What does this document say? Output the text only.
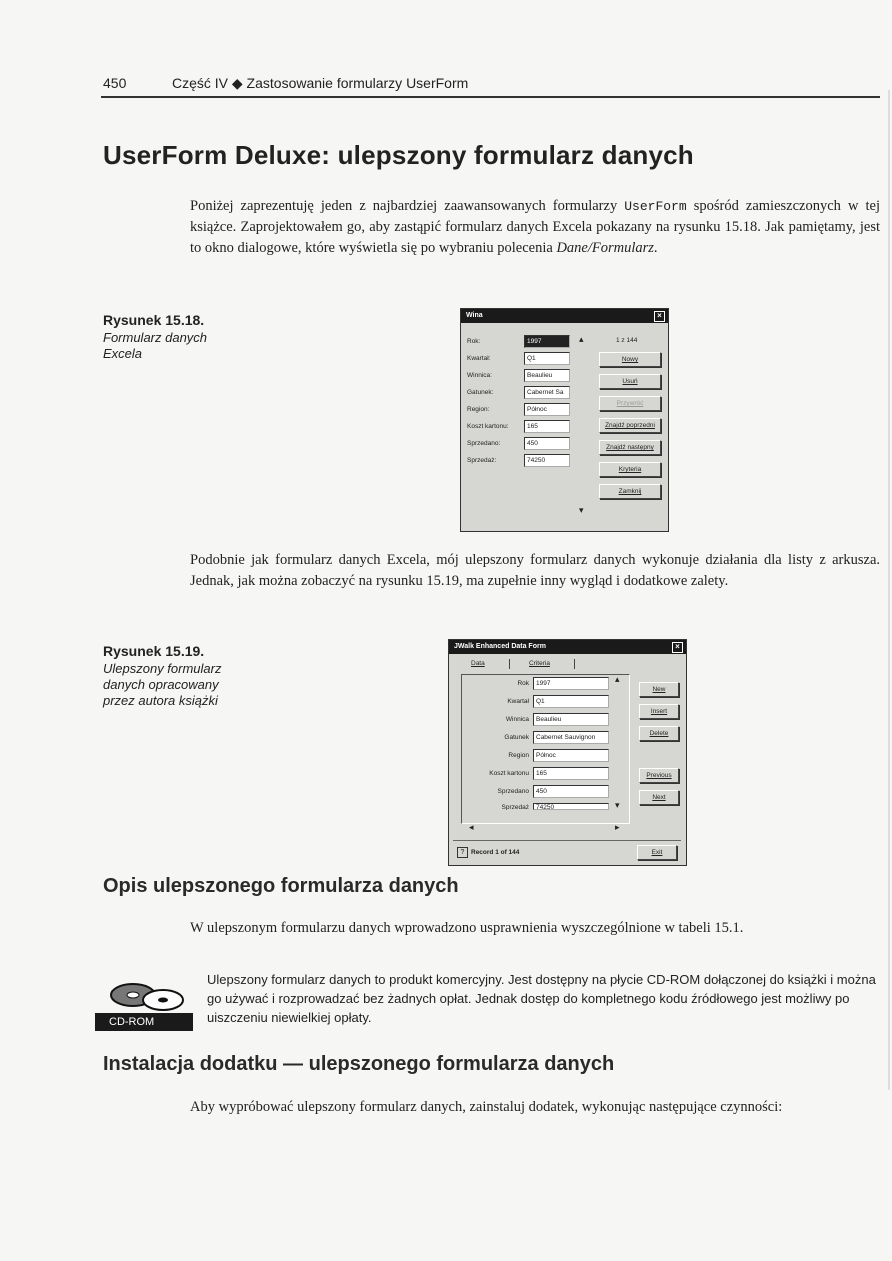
450	Część IV ◆ Zastosowanie formularzy UserForm
UserForm Deluxe: ulepszony formularz danych
Poniżej zaprezentuję jeden z najbardziej zaawansowanych formularzy UserForm spośród zamieszczonych w tej książce. Zaprojektowałem go, aby zastąpić formularz danych Excela pokazany na rysunku 15.18. Jak pamiętamy, jest to okno dialogowe, które wyświetla się po wybraniu polecenia Dane/Formularz.
Rysunek 15.18.
Formularz danych
Excela
Wina	×
Rok:	1997
Kwartał:	Q1
Winnica:	Beaulieu
Gatunek:	Cabernet Sa
Region:	Północ
Koszt kartonu:	165
Sprzedano:	450
Sprzedaż:	74250
▴
▾
1 z 144
Nowy
Usuń
Przywróć
Znajdź poprzedni
Znajdź następny
Kryteria
Zamknij
Podobnie jak formularz danych Excela, mój ulepszony formularz danych wykonuje działania dla listy z arkusza. Jednak, jak można zobaczyć na rysunku 15.19, ma zupełnie inny wygląd i dodatkowe zalety.
Rysunek 15.19.
Ulepszony formularz
danych opracowany
przez autora książki
JWalk Enhanced Data Form	×
Data	Criteria
Rok	1997
Kwartał	Q1
Winnica	Beaulieu
Gatunek	Cabernet Sauvignon
Region	Północ
Koszt kartonu	165
Sprzedano	450
Sprzedaż	74250
▴
▾
◂	▸
New
Insert
Delete
Previous
Next
?	Record 1 of 144	Exit
Opis ulepszonego formularza danych
W ulepszonym formularzu danych wprowadzono usprawnienia wyszczególnione w tabeli 15.1.
CD-ROM
Ulepszony formularz danych to produkt komercyjny. Jest dostępny na płycie CD-ROM dołączonej do książki i można go używać i rozprowadzać bez żadnych opłat. Jednak dostęp do kompletnego kodu źródłowego jest możliwy po uiszczeniu niewielkiej opłaty.
Instalacja dodatku — ulepszonego formularza danych
Aby wypróbować ulepszony formularz danych, zainstaluj dodatek, wykonując następujące czynności:
